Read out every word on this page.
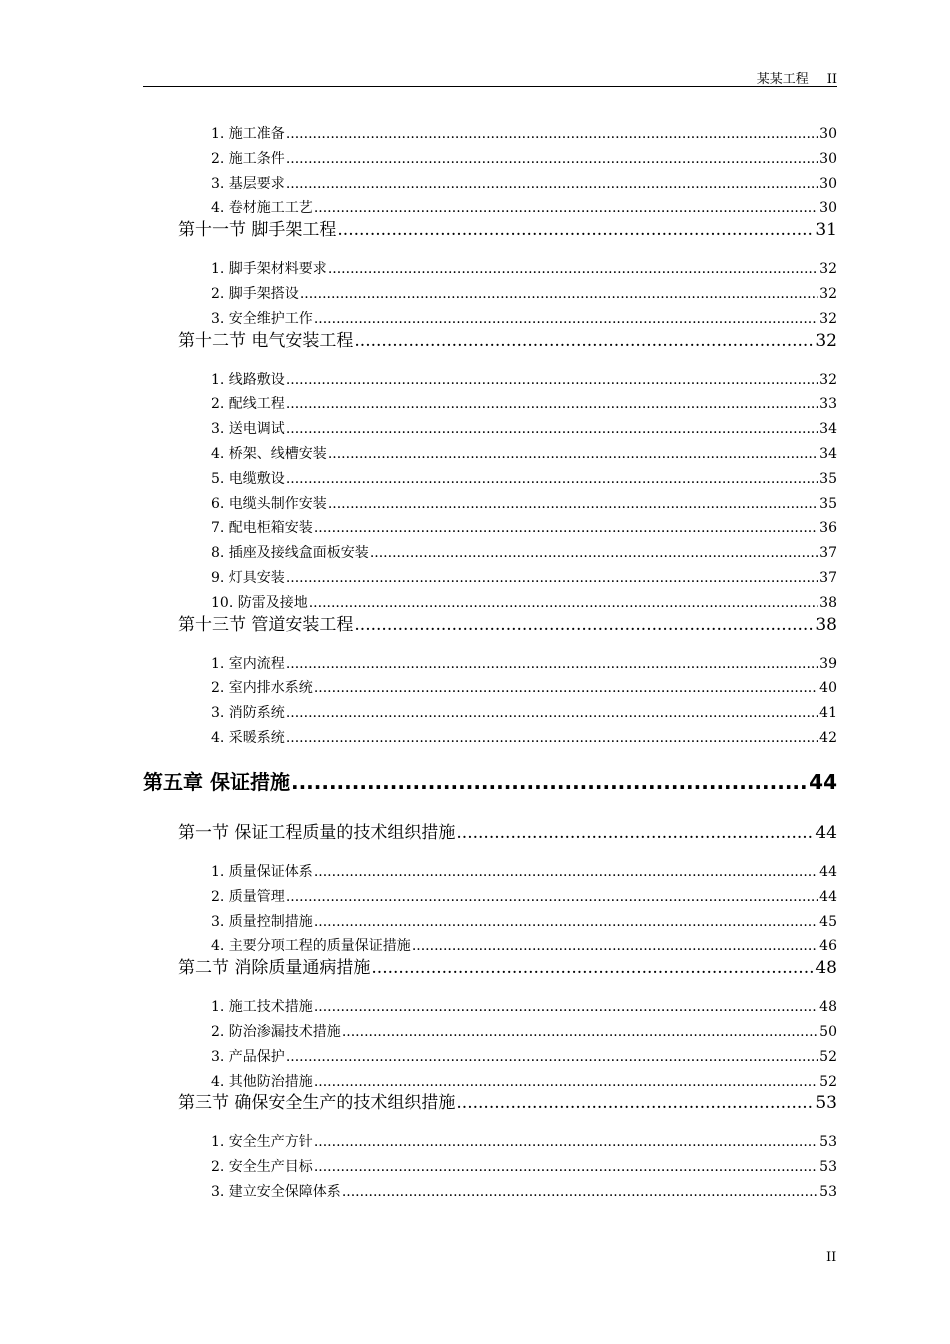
某某工程 II
1. 施工准备 .....	30
2. 施工条件 .....	30
3. 基层要求 .....	30
4. 卷材施工工艺 .....	30
第十一节 脚手架工程 .....	31
1. 脚手架材料要求 .....	32
2. 脚手架搭设 .....	32
3. 安全维护工作 .....	32
第十二节 电气安装工程 .....	32
1. 线路敷设 .....	32
2. 配线工程 .....	33
3. 送电调试 .....	34
4. 桥架、线槽安装 .....	34
5. 电缆敷设 .....	35
6. 电缆头制作安装 .....	35
7. 配电柜箱安装 .....	36
8. 插座及接线盒面板安装 .....	37
9. 灯具安装 .....	37
10. 防雷及接地 .....	38
第十三节 管道安装工程 .....	38
1. 室内流程 .....	39
2. 室内排水系统 .....	40
3. 消防系统 .....	41
4. 采暖系统 .....	42
第五章 保证措施 .....	44
第一节 保证工程质量的技术组织措施 .....	44
1. 质量保证体系 .....	44
2. 质量管理 .....	44
3. 质量控制措施 .....	45
4. 主要分项工程的质量保证措施 .....	46
第二节 消除质量通病措施 .....	48
1. 施工技术措施 .....	48
2. 防治渗漏技术措施 .....	50
3. 产品保护 .....	52
4. 其他防治措施 .....	52
第三节 确保安全生产的技术组织措施 .....	53
1. 安全生产方针 .....	53
2. 安全生产目标 .....	53
3. 建立安全保障体系 .....	53
II
